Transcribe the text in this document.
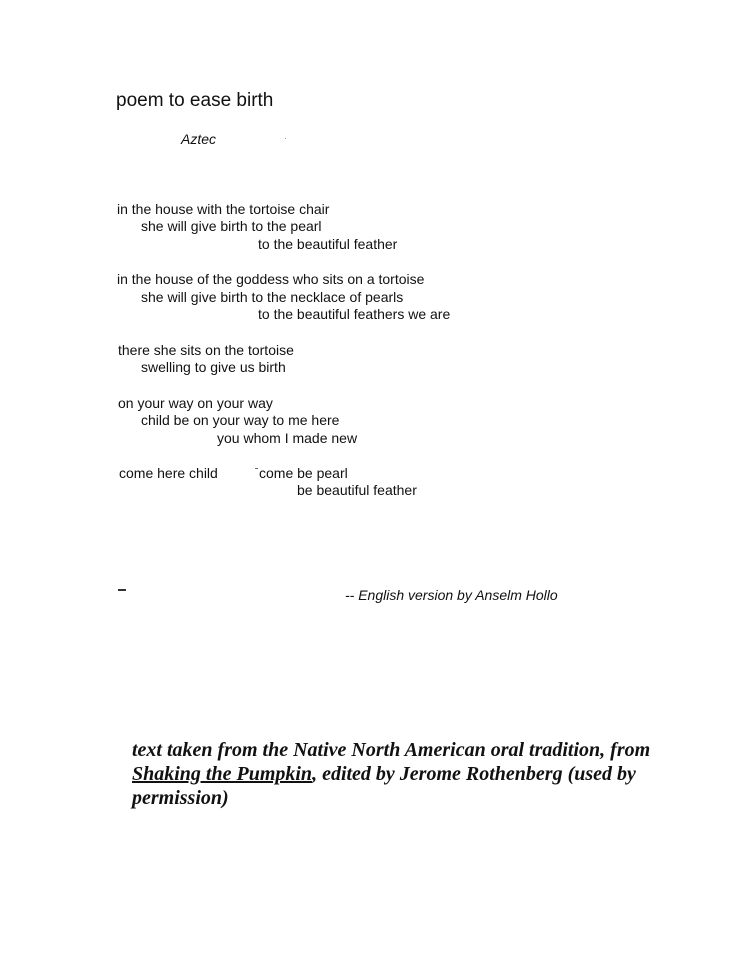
poem to ease birth
Aztec
in the house with the tortoise chair
she will give birth to the pearl
to the beautiful feather
in the house of the goddess who sits on a tortoise
she will give birth to the necklace of pearls
to the beautiful feathers we are
there she sits on the tortoise
swelling to give us birth
on your way on your way
child be on your way to me here
you whom I made new
come here child	come be pearl
be beautiful feather
-- English version by Anselm Hollo
text taken from the Native North American oral tradition, from Shaking the Pumpkin, edited by Jerome Rothenberg (used by permission)
